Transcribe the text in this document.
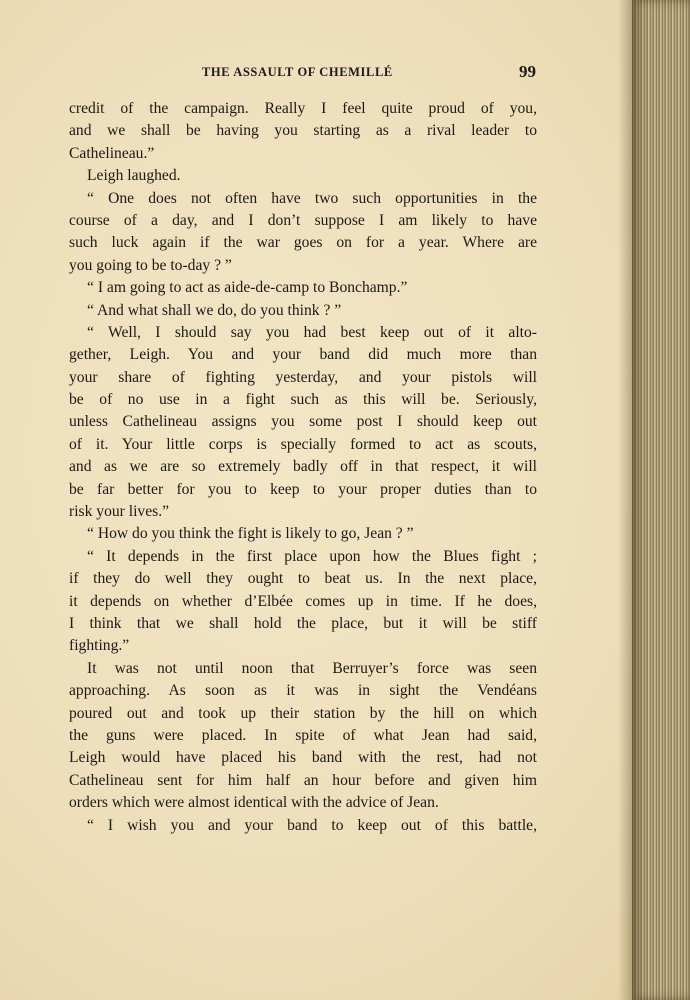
THE ASSAULT OF CHEMILLÉ	99
credit of the campaign. Really I feel quite proud of you,
and we shall be having you starting as a rival leader to
Cathelineau.”
Leigh laughed.
“ One does not often have two such opportunities in the
course of a day, and I don’t suppose I am likely to have
such luck again if the war goes on for a year. Where are
you going to be to-day ? ”
“ I am going to act as aide-de-camp to Bonchamp.”
“ And what shall we do, do you think ? ”
“ Well, I should say you had best keep out of it alto-
gether, Leigh. You and your band did much more than
your share of fighting yesterday, and your pistols will
be of no use in a fight such as this will be. Seriously,
unless Cathelineau assigns you some post I should keep out
of it. Your little corps is specially formed to act as scouts,
and as we are so extremely badly off in that respect, it will
be far better for you to keep to your proper duties than to
risk your lives.”
“ How do you think the fight is likely to go, Jean ? ”
“ It depends in the first place upon how the Blues fight ;
if they do well they ought to beat us. In the next place,
it depends on whether d’Elbée comes up in time. If he does,
I think that we shall hold the place, but it will be stiff
fighting.”
It was not until noon that Berruyer’s force was seen
approaching. As soon as it was in sight the Vendéans
poured out and took up their station by the hill on which
the guns were placed. In spite of what Jean had said,
Leigh would have placed his band with the rest, had not
Cathelineau sent for him half an hour before and given him
orders which were almost identical with the advice of Jean.
“ I wish you and your band to keep out of this battle,
